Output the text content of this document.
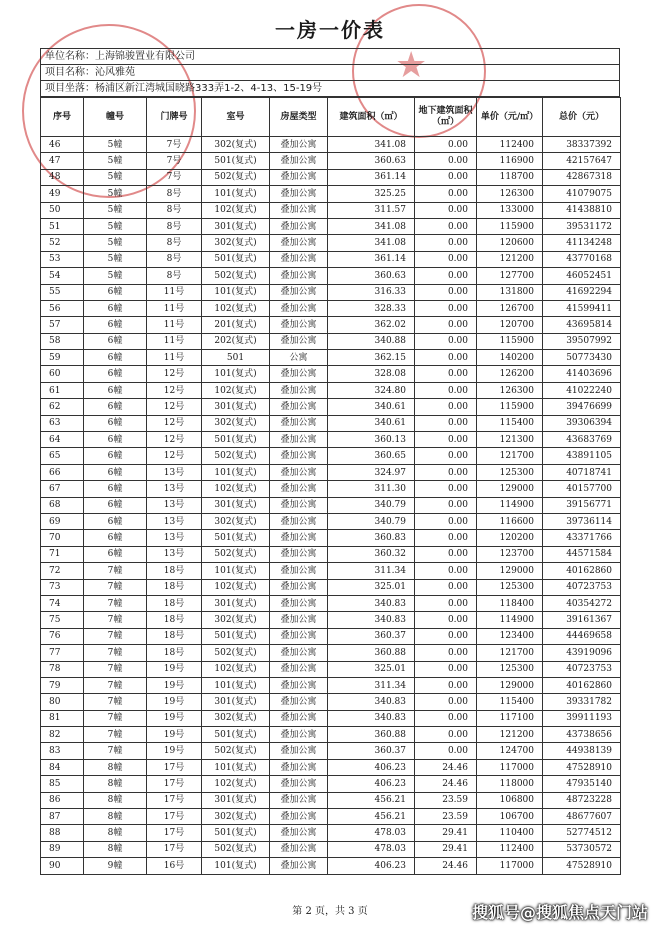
★
一房一价表
单位名称：上海锦骏置业有限公司
项目名称：沁风雅苑
项目坐落：杨浦区新江湾城国晓路333弄1-2、4-13、15-19号
序号	幢号	门牌号	室号	房屋类型	建筑面积（㎡）	地下建筑面积（㎡）	单价（元/㎡）	总价（元）
46	5幢	7号	302(复式)	叠加公寓	341.08	0.00	112400	38337392
47	5幢	7号	501(复式)	叠加公寓	360.63	0.00	116900	42157647
48	5幢	7号	502(复式)	叠加公寓	361.14	0.00	118700	42867318
49	5幢	8号	101(复式)	叠加公寓	325.25	0.00	126300	41079075
50	5幢	8号	102(复式)	叠加公寓	311.57	0.00	133000	41438810
51	5幢	8号	301(复式)	叠加公寓	341.08	0.00	115900	39531172
52	5幢	8号	302(复式)	叠加公寓	341.08	0.00	120600	41134248
53	5幢	8号	501(复式)	叠加公寓	361.14	0.00	121200	43770168
54	5幢	8号	502(复式)	叠加公寓	360.63	0.00	127700	46052451
55	6幢	11号	101(复式)	叠加公寓	316.33	0.00	131800	41692294
56	6幢	11号	102(复式)	叠加公寓	328.33	0.00	126700	41599411
57	6幢	11号	201(复式)	叠加公寓	362.02	0.00	120700	43695814
58	6幢	11号	202(复式)	叠加公寓	340.88	0.00	115900	39507992
59	6幢	11号	501	公寓	362.15	0.00	140200	50773430
60	6幢	12号	101(复式)	叠加公寓	328.08	0.00	126200	41403696
61	6幢	12号	102(复式)	叠加公寓	324.80	0.00	126300	41022240
62	6幢	12号	301(复式)	叠加公寓	340.61	0.00	115900	39476699
63	6幢	12号	302(复式)	叠加公寓	340.61	0.00	115400	39306394
64	6幢	12号	501(复式)	叠加公寓	360.13	0.00	121300	43683769
65	6幢	12号	502(复式)	叠加公寓	360.65	0.00	121700	43891105
66	6幢	13号	101(复式)	叠加公寓	324.97	0.00	125300	40718741
67	6幢	13号	102(复式)	叠加公寓	311.30	0.00	129000	40157700
68	6幢	13号	301(复式)	叠加公寓	340.79	0.00	114900	39156771
69	6幢	13号	302(复式)	叠加公寓	340.79	0.00	116600	39736114
70	6幢	13号	501(复式)	叠加公寓	360.83	0.00	120200	43371766
71	6幢	13号	502(复式)	叠加公寓	360.32	0.00	123700	44571584
72	7幢	18号	101(复式)	叠加公寓	311.34	0.00	129000	40162860
73	7幢	18号	102(复式)	叠加公寓	325.01	0.00	125300	40723753
74	7幢	18号	301(复式)	叠加公寓	340.83	0.00	118400	40354272
75	7幢	18号	302(复式)	叠加公寓	340.83	0.00	114900	39161367
76	7幢	18号	501(复式)	叠加公寓	360.37	0.00	123400	44469658
77	7幢	18号	502(复式)	叠加公寓	360.88	0.00	121700	43919096
78	7幢	19号	102(复式)	叠加公寓	325.01	0.00	125300	40723753
79	7幢	19号	101(复式)	叠加公寓	311.34	0.00	129000	40162860
80	7幢	19号	301(复式)	叠加公寓	340.83	0.00	115400	39331782
81	7幢	19号	302(复式)	叠加公寓	340.83	0.00	117100	39911193
82	7幢	19号	501(复式)	叠加公寓	360.88	0.00	121200	43738656
83	7幢	19号	502(复式)	叠加公寓	360.37	0.00	124700	44938139
84	8幢	17号	101(复式)	叠加公寓	406.23	24.46	117000	47528910
85	8幢	17号	102(复式)	叠加公寓	406.23	24.46	118000	47935140
86	8幢	17号	301(复式)	叠加公寓	456.21	23.59	106800	48723228
87	8幢	17号	302(复式)	叠加公寓	456.21	23.59	106700	48677607
88	8幢	17号	501(复式)	叠加公寓	478.03	29.41	110400	52774512
89	8幢	17号	502(复式)	叠加公寓	478.03	29.41	112400	53730572
90	9幢	16号	101(复式)	叠加公寓	406.23	24.46	117000	47528910
第 2 页，共 3 页	搜狐号@搜狐焦点天门站
